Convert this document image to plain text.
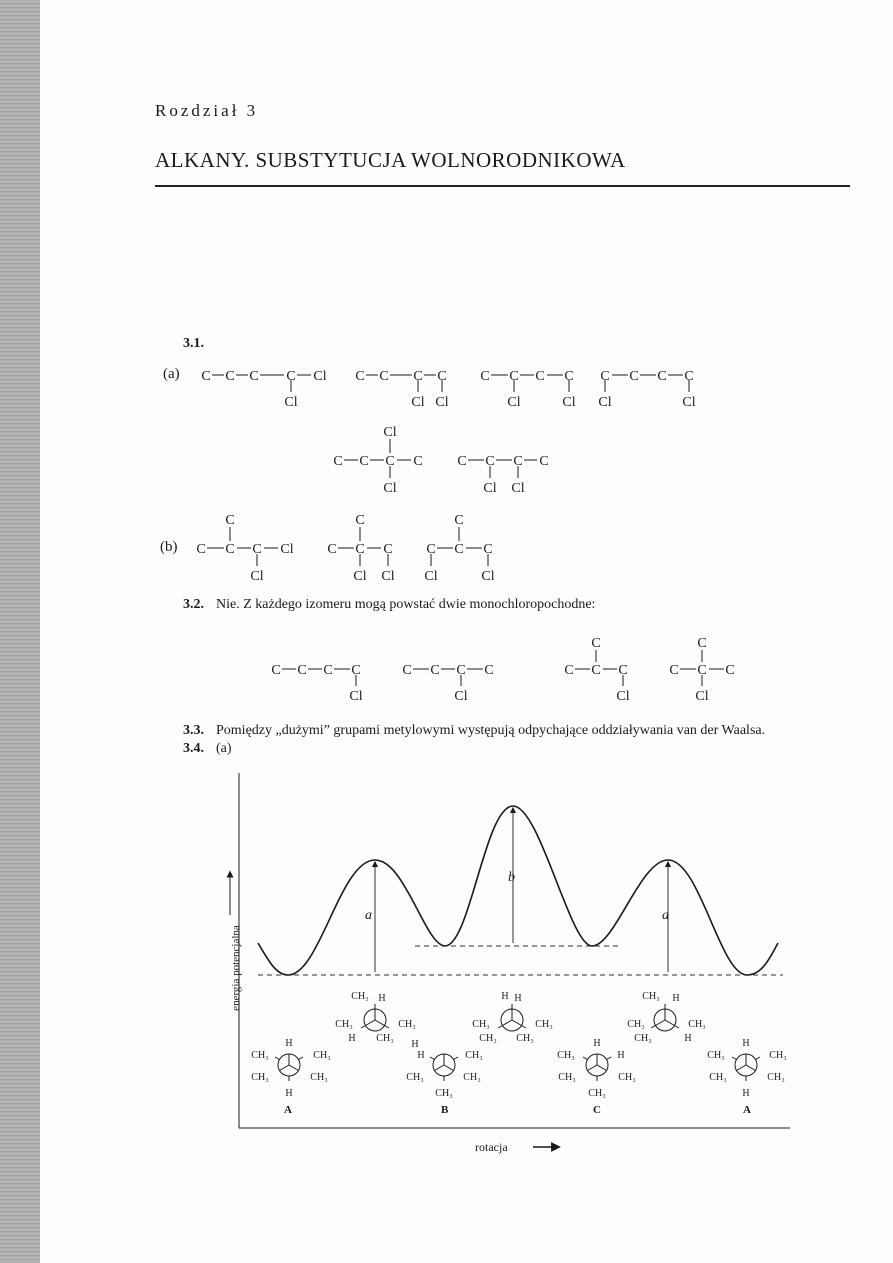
Rozdział 3
ALKANY. SUBSTYTUCJA WOLNORODNIKOWA
3.1.
(a)
(b)
3.2. Nie. Z każdego izomeru mogą powstać dwie monochloropochodne:
3.3. Pomiędzy „dużymi” grupami metylowymi występują odpychające oddziaływania van der Waalsa.
3.4. (a)
C C C C Cl
Cl
C C C C
Cl Cl
C C C C
Cl	Cl
C C C C
Cl	Cl
Cl
C C C C
Cl
C C C C
Cl Cl
C
C C C Cl
Cl
C
C C C
Cl Cl
C
C C C
Cl	Cl
C C C C
Cl
C C C C
Cl
C
C C C
Cl
C
C C C
Cl
CH₃ H
CH₃	CH₃
H CH₃
H H
CH₃	CH₃
CH₃ CH₃
CH₃ H
CH₃	CH₃
CH₃	H
H
CH₃	CH₃
CH₃	CH₃
H
H
H	CH₃
CH₃	CH₃
CH₃
H
CH₃	H
CH₃	CH₃
CH₃
H
CH₃	CH₃
CH₃	CH₃
H
a
b
a
energia potencjalna
rotacja
A	B	C	A
